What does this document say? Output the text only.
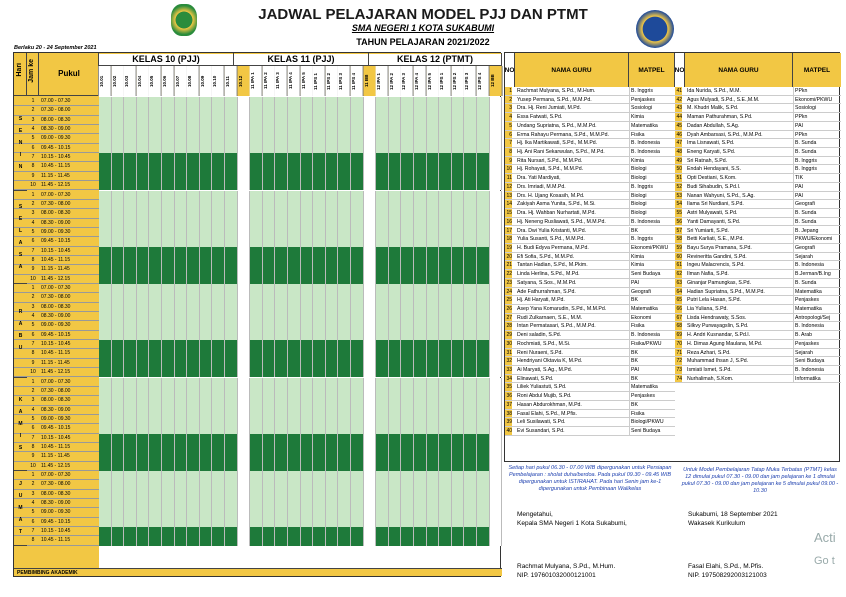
JADWAL PELAJARAN MODEL PJJ DAN PTMT
SMA NEGERI 1 KOTA SUKABUMI
TAHUN PELAJARAN 2021/2022
Berlaku 20 - 24 September 2021
Hari Jam ke	Pukul
KELAS 10 (PJJ)	KELAS 11 (PJJ)	KELAS 12 (PTMT)
10.01	10.02	10.03	10.04	10.05	10.06	10.07	10.08	10.09	10.10	10.11	10.12	11 IPA 1	11 IPA 2	11 IPA 3	11 IPA 4	11 IPA 5	11 IPS 1	11 IPS 2	11 IPS 3	11 IPS 4	11 BB	12 IPA 1	12 IPA 2	12 IPA 3	12 IPA 4	12 IPA 5	12 IPS 1	12 IPS 2	12 IPS 3	12 IPS 4	12 BB
1	07.00 - 07.30
2	07.30 - 08.00
3	08.00 - 08.30
4	08.30 - 09.00
5	09.00 - 09.30
6	09.45 - 10.15
7	10.15 - 10.45
8	10.45 - 11.15
9	11.15 - 11.45
10	11.45 - 12.15
S E N I N
1	07.00 - 07.30
2	07.30 - 08.00
3	08.00 - 08.30
4	08.30 - 09.00
5	09.00 - 09.30
6	09.45 - 10.15
7	10.15 - 10.45
8	10.45 - 11.15
9	11.15 - 11.45
10	11.45 - 12.15
S E L A S A
1	07.00 - 07.30
2	07.30 - 08.00
3	08.00 - 08.30
4	08.30 - 09.00
5	09.00 - 09.30
6	09.45 - 10.15
7	10.15 - 10.45
8	10.45 - 11.15
9	11.15 - 11.45
10	11.45 - 12.15
R A B U
1	07.00 - 07.30
2	07.30 - 08.00
3	08.00 - 08.30
4	08.30 - 09.00
5	09.00 - 09.30
6	09.45 - 10.15
7	10.15 - 10.45
8	10.45 - 11.15
9	11.15 - 11.45
10	11.45 - 12.15
K A M I S
1	07.00 - 07.30
2	07.30 - 08.00
3	08.00 - 08.30
4	08.30 - 09.00
5	09.00 - 09.30
6	09.45 - 10.15
7	10.15 - 10.45
8	10.45 - 11.15
J U M A T
PEMBIMBING AKADEMIK
NO	NAMA GURU	MATPEL	NO	NAMA GURU	MATPEL
1 Rachmat Mulyana, S.Pd., M.Hum.	B. Inggris
2 Yusep Permana, S.Pd., M.M.Pd.	Penjaskes
3 Dra. Hj. Reni Jumiati, M.Pd.	Sosiologi
4 Essa Fatwati, S.Pd.	Kimia
5 Undang Supriatna, S.Pd., M.M.Pd.	Matematika
6 Erma Rahayu Permana, S.Pd., M.M.Pd.	Fisika
7 Hj. Ika Martikawati, S.Pd., M.M.Pd.	B. Indonesia
8 Hj. Ani Rani Sekarwulan, S.Pd., M.Pd.	B. Indonesia
9 Rita Nursari, S.Pd., M.M.Pd.	Kimia
10 Hj. Rohayati, S.Pd., M.M.Pd.	Biologi
11 Dra. Yati Mardiyati,	Biologi
12 Drs. Imriadi, M.M.Pd.	B. Inggris
13 Drs. H. Ujang Kosasih, M.Pd.	Biologi
14 Zakiyah Asma Yunita, S.Pd., M.Si.	Biologi
15 Dra. Hj. Wahban Nurhartati, M.Pd.	Biologi
16 Hj. Neneng Rusliawati, S.Pd., M.M.Pd.	B. Indonesia
17 Dra. Dwi Yulia Kristanti, M.Pd.	BK
18 Yulia Susanti, S.Pd., M.M.Pd.	B. Inggris
19 H. Budi Edyva Permana, M.Pd.	Ekonomi/PKWU
20 Efi Sofia, S.Pd., M.M.Pd.	Kimia
21 Tantan Hadian, S.Pd., M.Pkim.	Kimia
22 Linda Herlina, S.Pd., M.Pd.	Seni Budaya
23 Satyana, S.Sos., M.M.Pd.	PAI
24 Ade Fathurrahman, S.Pd.	Geografi
25 Hj. Ati Haryati, M.Pd.	BK
26 Asep Yana Komarudin, S.Pd., M.M.Pd.	Matematika
27 Rudi Zulkarnaen, S.E., M.M.	Ekonomi
28 Intan Permatasari, S.Pd., M.M.Pd.	Fisika
29 Deni saladin, S.Pd.	B. Indonesia
30 Rochmiati, S.Pd., M.Si.	Fisika/PKWU
31 Reni Nuraeni, S.Pd.	BK
32 Hendriyani Oktavia K, M.Pd.	BK
33 Ai Maryati, S.Ag., M.Pd.	PAI
34 Elinawati, S.Pd.	BK
35 Liliek Yuliastuti, S.Pd.	Matematika
36 Roni Abdul Mujib, S.Pd.	Penjaskes
37 Hasan Abdurokhman, M.Pd.	BK
38 Fasal Elahi, S.Pd., M.Pfis.	Fisika
39 Leli Susilawati, S.Pd.	Biologi/PKWU
40 Evi Susandari, S.Pd.	Seni Budaya
41 Ida Nurida, S.Pd., M.M.	PPkn
42 Agus Mulyadi, S.Pd., S.E.,M.M.	Ekonomi/PKWU
43 M. Khudri Malik, S.Pd.	Sosiologi
44 Maman Pathurahman, S.Pd.	PPkn
45 Dadan Abdullah, S.Ag.	PAI
46 Dyah Ambarsasi, S.Pd., M.M.Pd.	PPkn
47 Ima Lisnawati, S.Pd.	B. Sunda
48 Eneng Karyati, S.Pd.	B. Sunda
49 Sri Ratnah, S.Pd.	B. Inggris
50 Endah Hendayani, S.S.	B. Inggris
51 Opti Destiani, S.Kom.	TIK
52 Budi Sihabudin, S.Pd.I.	PAI
53 Nanan Wahyuni, S.Pd., S.Ag.	PAI
54 Ilama Sri Nurdiani, S.Pd.	Geografi
55 Astri Mulyawati, S.Pd.	B. Sunda
56 Yanti Damayanti, S.Pd.	B. Sunda
57 Sri Yumiarti, S.Pd.	B. Jepang
58 Betti Karliati, S.E., M.Pd.	PKWU/Ekonomi
59 Bayu Surya Pramana, S.Pd.	Geografi
60 Revineritta Gandini, S.Pd.	Sejarah
61 Ingeu Malacrencis, S.Pd.	B. Indonesia
62 Ilman Nafia, S.Pd.	B.Jerman/B.Ing
63 Ginanjar Pamungkas, S.Pd.	B. Sunda
64 Hadian Supriatna, S.Pd., M.M.Pd.	Matematika
65 Putri Lela Hasan, S.Pd.	Penjaskes
66 Lia Yuliana, S.Pd.	Matematika
67 Lisda Hendrawaty, S.Sos.	Antropologi/Sej
68 Silkvy Purwayagslin, S.Pd.	B. Indonesia
69 H. Andri Kusnandar, S.Pd.I.	B. Arab
70 H. Dimas Agung Maulana, M.Pd.	Penjaskes
71 Reza Azhari, S.Pd.	Sejarah
72 Muhammad Ihsan J, S.Pd.	Seni Budaya
73 Ismiati Ismet, S.Pd.	B. Indonesia
74 Nurhalimah, S.Kom.	Informatika
Setiap hari pukul 06.30 - 07.00 WIB dipergunakan untuk Persiapan Pembelajaran : sholat duha/berdoa. Pada pukul 09.30 - 09.45 WIB dipergunakan untuk ISTIRAHAT. Pada hari Senin jam ke-1 dipergunakan untuk Pembinaan Walikelas
Untuk Model Pembelajaran Tatap Muka Terbatas (PTMT) kelas 12 dimulai pukul 07.30 - 09.00 dan jam pelajaran ke 1 dimulai pukul 07.30 - 09.00 dan jam pelajaran ke 5 dimulai pukul 09.00 - 10.30
Mengetahui,
Kepala SMA Negeri 1 Kota Sukabumi,
Rachmat Mulyana, S.Pd., M.Hum.
NIP. 197601032000121001
Sukabumi, 18 September 2021
Wakasek Kurikulum
Fasal Elahi, S.Pd., M.Pfis.
NIP. 197508292003121003
Acti
Go t
